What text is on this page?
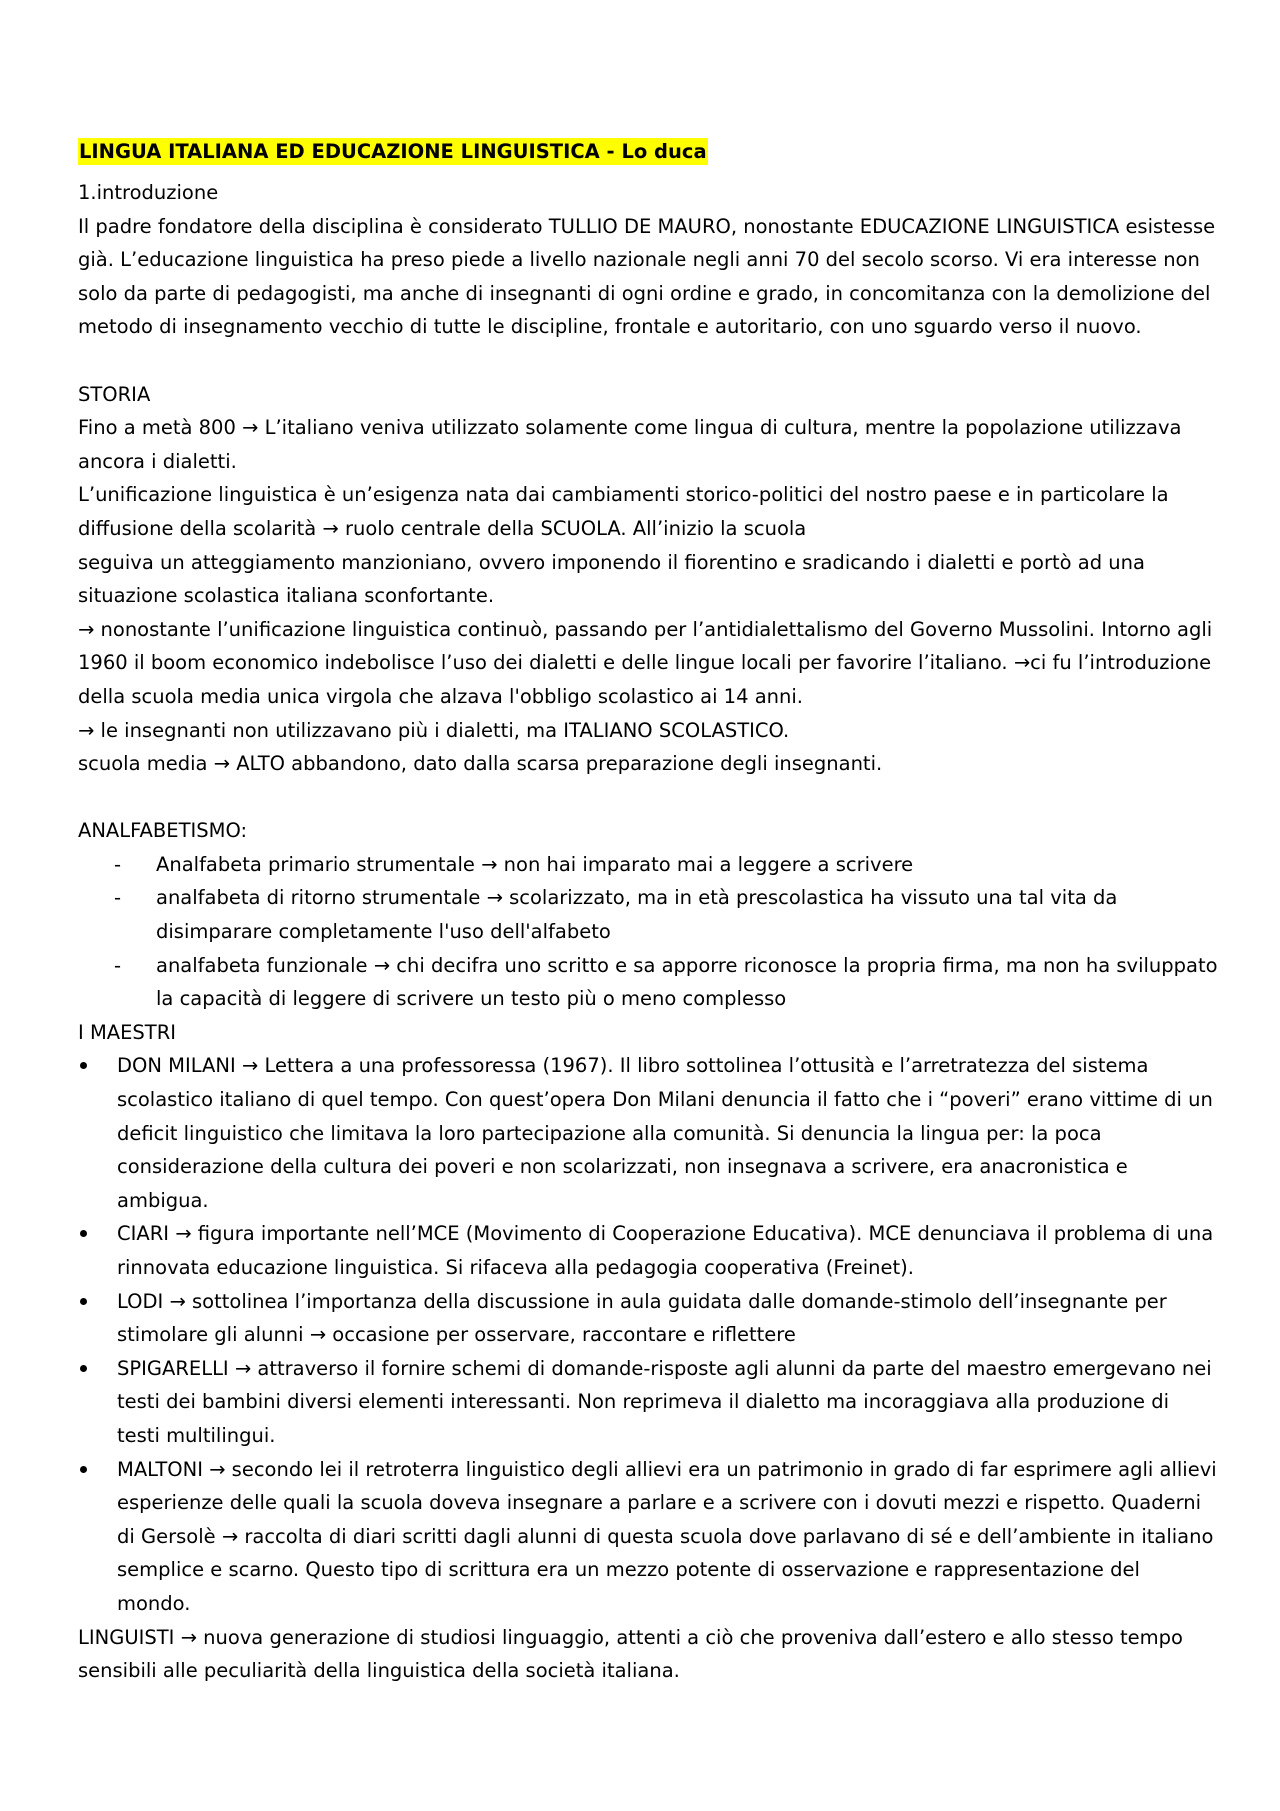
LINGUA ITALIANA ED EDUCAZIONE LINGUISTICA - Lo duca

1.introduzione

Il padre fondatore della disciplina è considerato TULLIO DE MAURO, nonostante EDUCAZIONE LINGUISTICA esistesse già. L’educazione linguistica ha preso piede a livello nazionale negli anni 70 del secolo scorso. Vi era interesse non solo da parte di pedagogisti, ma anche di insegnanti di ogni ordine e grado, in concomitanza con la demolizione del metodo di insegnamento vecchio di tutte le discipline, frontale e autoritario, con uno sguardo verso il nuovo.

STORIA

Fino a metà 800 → L’italiano veniva utilizzato solamente come lingua di cultura, mentre la popolazione utilizzava ancora i dialetti.

L’unificazione linguistica è un’esigenza nata dai cambiamenti storico-politici del nostro paese e in particolare la diffusione della scolarità → ruolo centrale della SCUOLA. All’inizio la scuola

seguiva un atteggiamento manzioniano, ovvero imponendo il fiorentino e sradicando i dialetti e portò ad una situazione scolastica italiana sconfortante.

→ nonostante l’unificazione linguistica continuò, passando per l’antidialettalismo del Governo Mussolini. Intorno agli 1960 il boom economico indebolisce l’uso dei dialetti e delle lingue locali per favorire l’italiano. →ci fu l’introduzione della scuola media unica virgola che alzava l'obbligo scolastico ai 14 anni.

→ le insegnanti non utilizzavano più i dialetti, ma ITALIANO SCOLASTICO.

scuola media → ALTO abbandono, dato dalla scarsa preparazione degli insegnanti.

ANALFABETISMO:

- Analfabeta primario strumentale → non hai imparato mai a leggere a scrivere
- analfabeta di ritorno strumentale → scolarizzato, ma in età prescolastica ha vissuto una tal vita da disimparare completamente l'uso dell'alfabeto
- analfabeta funzionale → chi decifra uno scritto e sa apporre riconosce la propria firma, ma non ha sviluppato la capacità di leggere di scrivere un testo più o meno complesso

I MAESTRI

DON MILANI → Lettera a una professoressa (1967). Il libro sottolinea l’ottusità e l’arretratezza del sistema scolastico italiano di quel tempo. Con quest’opera Don Milani denuncia il fatto che i “poveri” erano vittime di un deficit linguistico che limitava la loro partecipazione alla comunità. Si denuncia la lingua per: la poca considerazione della cultura dei poveri e non scolarizzati, non insegnava a scrivere, era anacronistica e ambigua.
CIARI → figura importante nell’MCE (Movimento di Cooperazione Educativa). MCE denunciava il problema di una rinnovata educazione linguistica. Si rifaceva alla pedagogia cooperativa (Freinet).
LODI → sottolinea l’importanza della discussione in aula guidata dalle domande-stimolo dell’insegnante per stimolare gli alunni → occasione per osservare, raccontare e riflettere
SPIGARELLI → attraverso il fornire schemi di domande-risposte agli alunni da parte del maestro emergevano nei testi dei bambini diversi elementi interessanti. Non reprimeva il dialetto ma incoraggiava alla produzione di testi multilingui.
MALTONI → secondo lei il retroterra linguistico degli allievi era un patrimonio in grado di far esprimere agli allievi esperienze delle quali la scuola doveva insegnare a parlare e a scrivere con i dovuti mezzi e rispetto. Quaderni di Gersolè → raccolta di diari scritti dagli alunni di questa scuola dove parlavano di sé e dell’ambiente in italiano semplice e scarno. Questo tipo di scrittura era un mezzo potente di osservazione e rappresentazione del mondo.

LINGUISTI → nuova generazione di studiosi linguaggio, attenti a ciò che proveniva dall’estero e allo stesso tempo sensibili alle peculiarità della linguistica della società italiana.
